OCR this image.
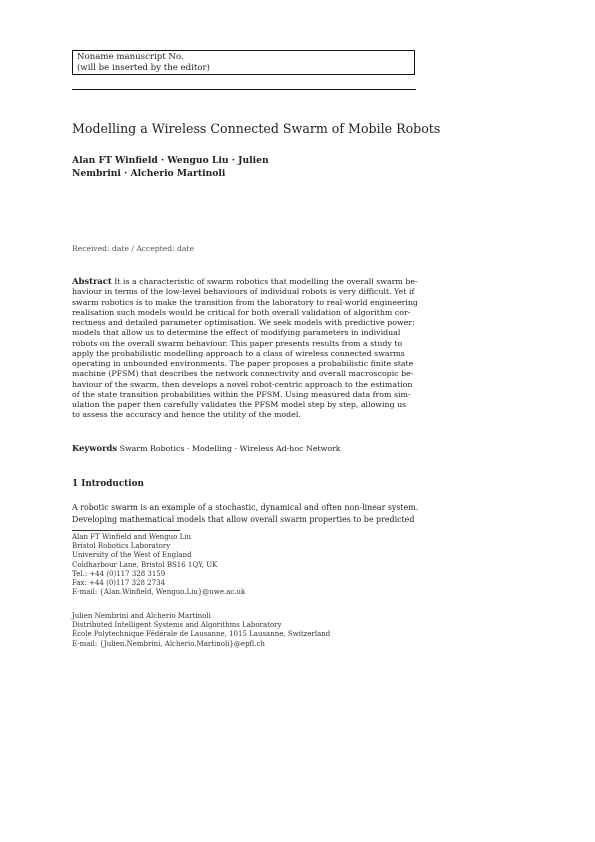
Noname manuscript No.
(will be inserted by the editor)
Modelling a Wireless Connected Swarm of Mobile Robots
Alan FT Winfield · Wenguo Liu · Julien
Nembrini · Alcherio Martinoli
Received: date / Accepted: date
Abstract It is a characteristic of swarm robotics that modelling the overall swarm be-
haviour in terms of the low-level behaviours of individual robots is very difficult. Yet if
swarm robotics is to make the transition from the laboratory to real-world engineering
realisation such models would be critical for both overall validation of algorithm cor-
rectness and detailed parameter optimisation. We seek models with predictive power:
models that allow us to determine the effect of modifying parameters in individual
robots on the overall swarm behaviour. This paper presents results from a study to
apply the probabilistic modelling approach to a class of wireless connected swarms
operating in unbounded environments. The paper proposes a probabilistic finite state
machine (PFSM) that describes the network connectivity and overall macroscopic be-
haviour of the swarm, then develops a novel robot-centric approach to the estimation
of the state transition probabilities within the PFSM. Using measured data from sim-
ulation the paper then carefully validates the PFSM model step by step, allowing us
to assess the accuracy and hence the utility of the model.
Keywords Swarm Robotics · Modelling · Wireless Ad-hoc Network
1 Introduction
A robotic swarm is an example of a stochastic, dynamical and often non-linear system.
Developing mathematical models that allow overall swarm properties to be predicted
Alan FT Winfield and Wenguo Liu
Bristol Robotics Laboratory
University of the West of England
Coldharbour Lane, Bristol BS16 1QY, UK
Tel.: +44 (0)117 328 3159
Fax: +44 (0)117 328 2734
E-mail: {Alan.Winfield, Wenguo.Liu}@uwe.ac.uk
Julien Nembrini and Alcherio Martinoli
Distributed Intelligent Systems and Algorithms Laboratory
École Polytechnique Fédérale de Lausanne, 1015 Lausanne, Switzerland
E-mail: {Julien.Nembrini, Alcherio.Martinoli}@epfl.ch
